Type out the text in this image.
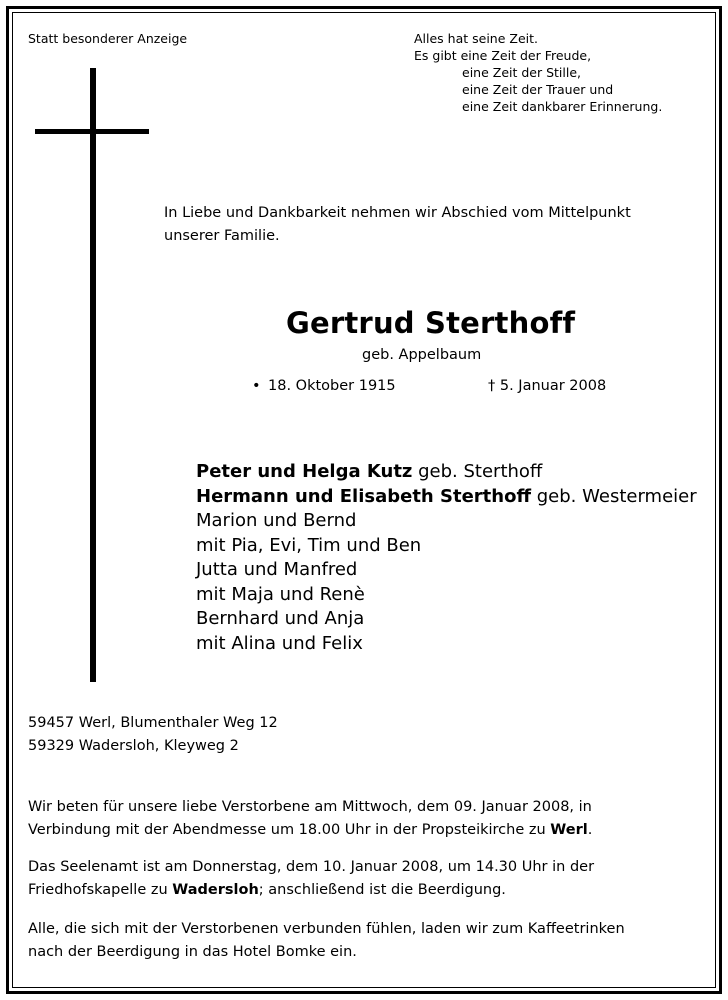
Statt besonderer Anzeige	Alles hat seine Zeit.
Es gibt eine Zeit der Freude,
eine Zeit der Stille,
eine Zeit der Trauer und
eine Zeit dankbarer Erinnerung.
In Liebe und Dankbarkeit nehmen wir Abschied vom Mittelpunkt
unserer Familie.
Gertrud Sterthoff
geb. Appelbaum
• 18. Oktober 1915	† 5. Januar 2008
Peter und Helga Kutz geb. Sterthoff
Hermann und Elisabeth Sterthoff geb. Westermeier
Marion und Bernd
mit Pia, Evi, Tim und Ben
Jutta und Manfred
mit Maja und Renè
Bernhard und Anja
mit Alina und Felix
59457 Werl, Blumenthaler Weg 12
59329 Wadersloh, Kleyweg 2
Wir beten für unsere liebe Verstorbene am Mittwoch, dem 09. Januar 2008, in
Verbindung mit der Abendmesse um 18.00 Uhr in der Propsteikirche zu Werl.
Das Seelenamt ist am Donnerstag, dem 10. Januar 2008, um 14.30 Uhr in der
Friedhofskapelle zu Wadersloh; anschließend ist die Beerdigung.
Alle, die sich mit der Verstorbenen verbunden fühlen, laden wir zum Kaffeetrinken
nach der Beerdigung in das Hotel Bomke ein.
